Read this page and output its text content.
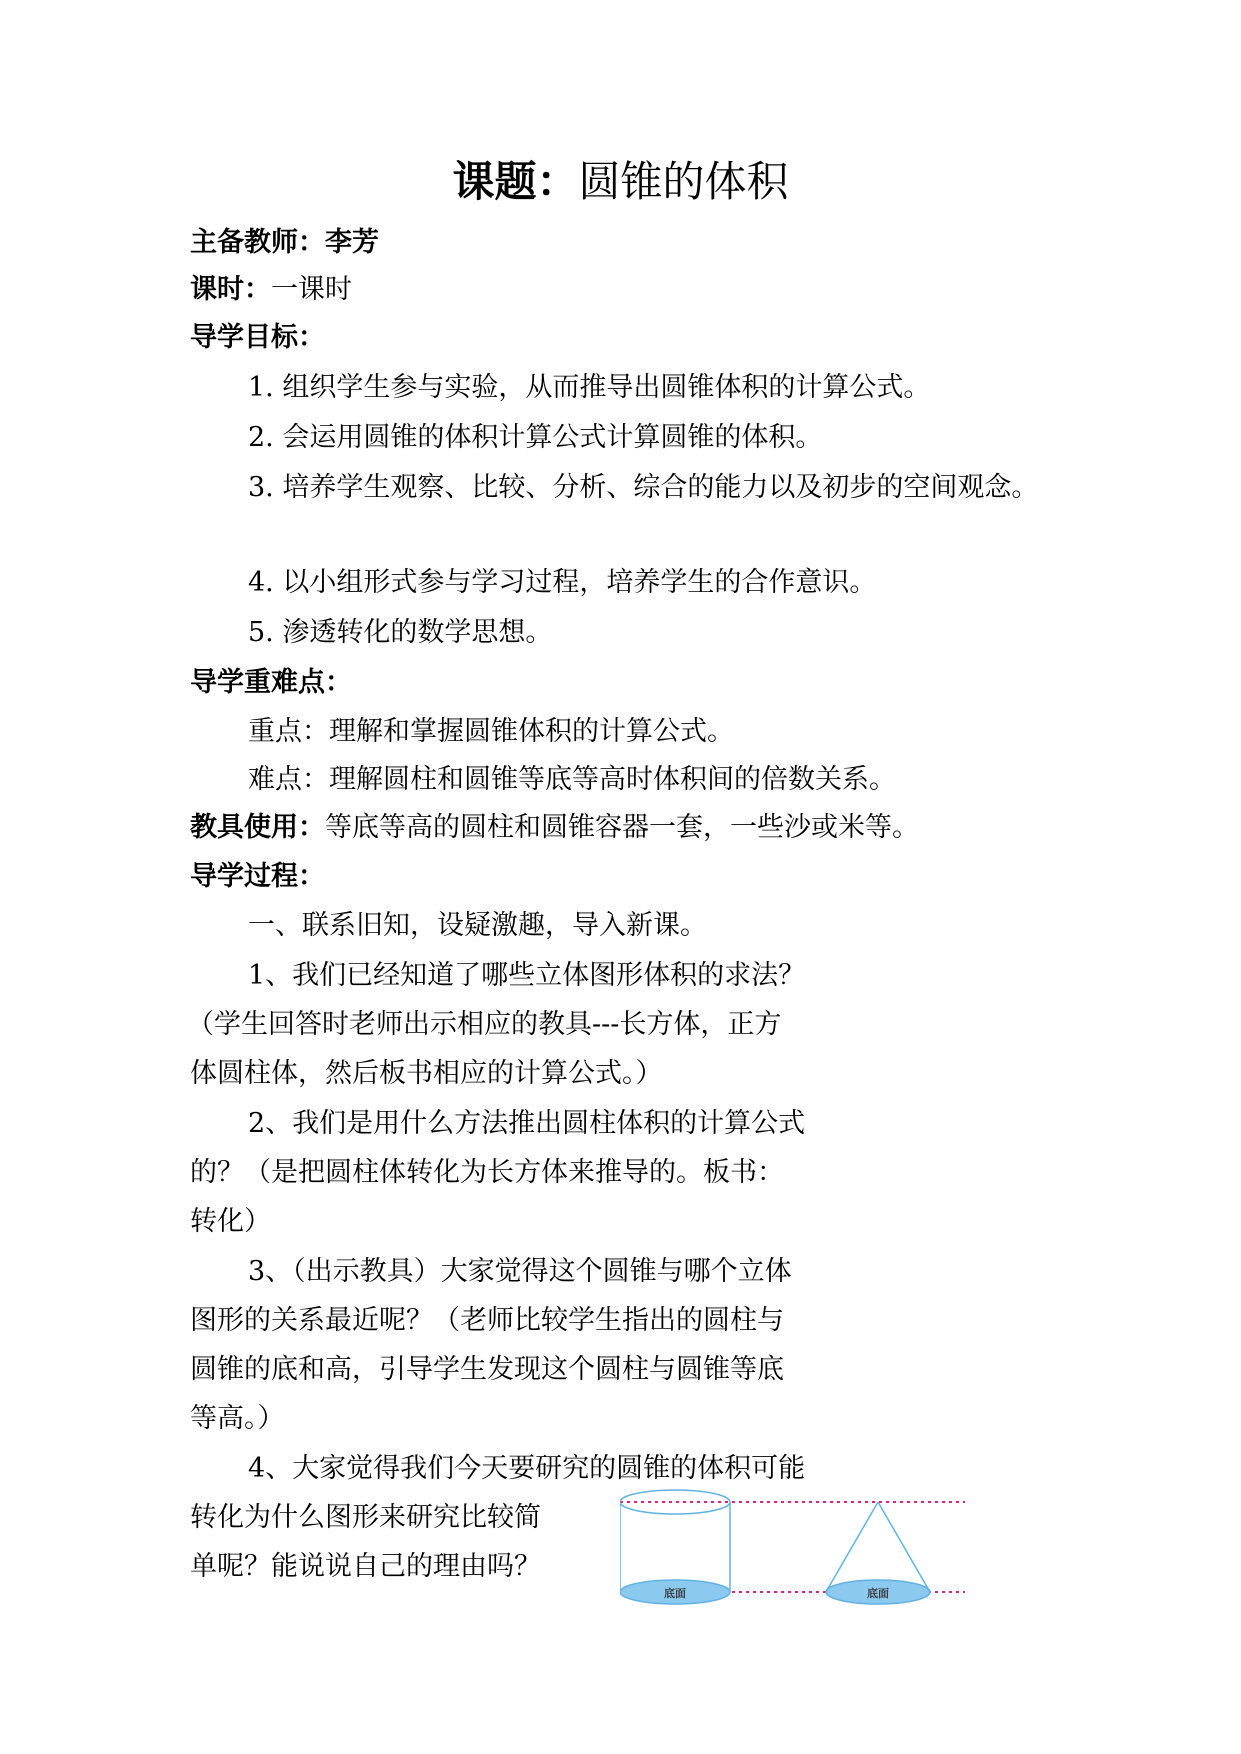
课题：圆锥的体积
主备教师：李芳
课时：一课时
导学目标：
1. 组织学生参与实验，从而推导出圆锥体积的计算公式。
2. 会运用圆锥的体积计算公式计算圆锥的体积。
3. 培养学生观察、比较、分析、综合的能力以及初步的空间观念。
4. 以小组形式参与学习过程，培养学生的合作意识。
5. 渗透转化的数学思想。
导学重难点：
重点：理解和掌握圆锥体积的计算公式。
难点：理解圆柱和圆锥等底等高时体积间的倍数关系。
教具使用：等底等高的圆柱和圆锥容器一套，一些沙或米等。
导学过程：
一、联系旧知，设疑激趣，导入新课。
1、我们已经知道了哪些立体图形体积的求法？
（学生回答时老师出示相应的教具---长方体，正方
体圆柱体，然后板书相应的计算公式。）
2、我们是用什么方法推出圆柱体积的计算公式
的？（是把圆柱体转化为长方体来推导的。板书：
转化）
3、（出示教具）大家觉得这个圆锥与哪个立体
图形的关系最近呢？（老师比较学生指出的圆柱与
圆锥的底和高，引导学生发现这个圆柱与圆锥等底
等高。）
4、大家觉得我们今天要研究的圆锥的体积可能
转化为什么图形来研究比较简
单呢？能说说自己的理由吗？
底面	底面
